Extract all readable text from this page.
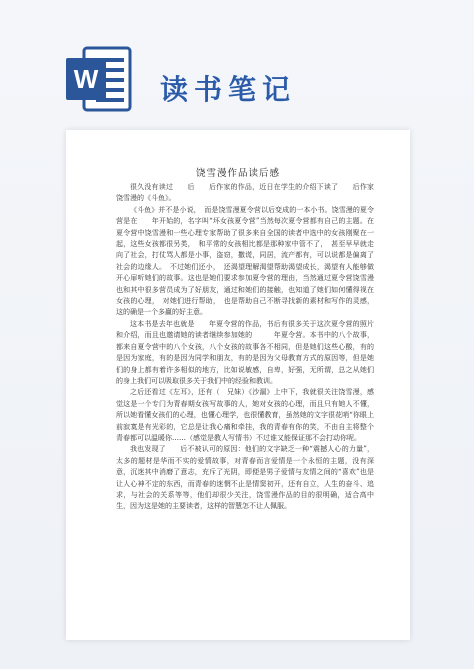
W 读书笔记
饶雪漫作品读后感

很久没有读过　　后　　后作家的作品，近日在学生的介绍下读了　　后作家饶雪漫的《斗鱼》。

《斗鱼》并不是小说，　而是饶雪漫夏令营以后变成的一本小书。饶雪漫的夏令营是在　　年开始的，名字叫“坏女孩夏令营”当然每次夏令营都有自己的主题。在夏令营中饶雪漫和一些心理专家帮助了很多来自全国的读者中选中的女孩刚聚在一起，这些女孩都很另类，　和平常的女孩相比都是那种家中管不了，　甚至早早就走向了社会，打仗骂人都是小事，盗窃，撒谎，同居，流产都有，可以说都是偏离了社会的边缘人。　不过她们还小，　还渴望理解渴望帮助渴望成长，渴望有人能够做开心扉听她们的故事。这也是她们要求参加夏令营的理由，当然通过夏令营饶雪漫也和其中很多营员成为了好朋友，通过和她们的接触，也知道了她们如何懂得视在女孩的心理，　对她们进行帮助，　也是帮助自己不断寻找新的素材和写作的灵感，这的确是一个多赢的好主意。

这本书是去年也就是　　年夏令营的作品，书后有很多关于这次夏令营的照片和介绍，而且也邀请她的读者继续参加她的　　　年夏令营。本书中的八个故事，都来自夏令营中的八个女孩，八个女孩的故事各不相同，但是她们这些心酸，有的是因为家庭，有的是因为同学和朋友，有的是因为父母教育方式的原因等，但是她们的身上都有着许多相似的地方，比如说敏感，自卑，好强，无所谓，总之从她们的身上我们可以吸取很多关于我们中的经验和教训。

之后还看过《左耳》，还有（　兄妹）《沙漏》上中下，我就很关注饶雪漫，感觉这是一个专门为青春期女孩写故事的人，她对女孩的心理，而且只有她人不懂，所以她看懂女孩们的心理，也懂心理学，也很懂教育，虽然她的文字很花哨“你眼上前寂寞是有光彩的，它总是让我心痛和牵挂，我的青春有你的笑，不由自主将整个青春都可以温暖你……（感觉是教人写情书）不过谁又能保证那不会打动你呢。

我也发现了　　后不被认可的原因：他们的文字缺乏一种“震撼人心的力量”，太多的题材是华而不实的爱情故事，对青春而言爱情是一个永恒的主题，没有深意，沉迷其中消磨了意志，充斥了光阴，即便是男子爱情与友情之间的“喜欢”也是让人心神不定的东西，而青春的迷惘不止是情窦初开，还有自立，人生的奋斗、追求，与社会的关系等等，他们却很少关注，饶雪漫作品的目的很明确，适合高中生，因为这是她的主要读者，这样的智慧怎不让人佩服。
